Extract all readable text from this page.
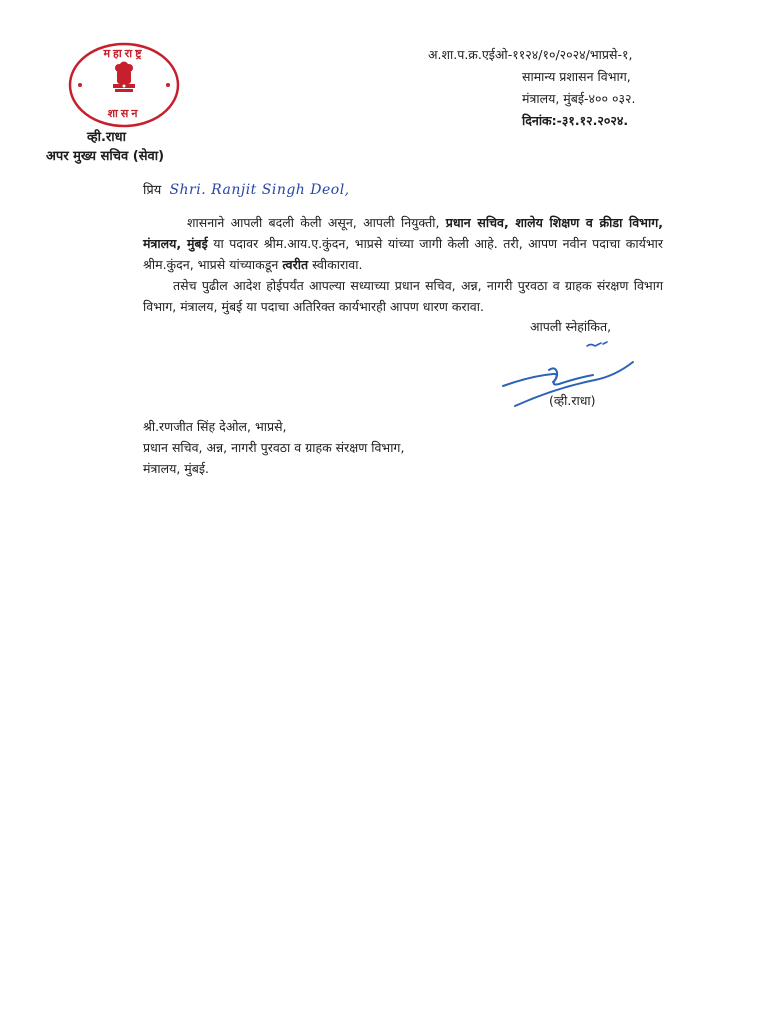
महाराष्ट्र
शासन
व्ही.राधा
अपर मुख्य सचिव (सेवा)
अ.शा.प.क्र.एईओ-११२४/१०/२०२४/भाप्रसे-१,
सामान्य प्रशासन विभाग,
मंत्रालय, मुंबई-४०० ०३२.
दिनांक:-३१.१२.२०२४.
प्रिय Shri. Ranjit Singh Deol,

शासनाने आपली बदली केली असून, आपली नियुक्ती, प्रधान सचिव, शालेय शिक्षण व क्रीडा विभाग, मंत्रालय, मुंबई या पदावर श्रीम.आय.ए.कुंदन, भाप्रसे यांच्या जागी केली आहे. तरी, आपण नवीन पदाचा कार्यभार श्रीम.कुंदन, भाप्रसे यांच्याकडून त्वरीत स्वीकारावा.

तसेच पुढील आदेश होईपर्यंत आपल्या सध्याच्या प्रधान सचिव, अन्न, नागरी पुरवठा व ग्राहक संरक्षण विभाग विभाग, मंत्रालय, मुंबई या पदाचा अतिरिक्त कार्यभारही आपण धारण करावा.

आपली स्नेहांकित,
(व्ही.राधा)
श्री.रणजीत सिंह देओल, भाप्रसे,
प्रधान सचिव, अन्न, नागरी पुरवठा व ग्राहक संरक्षण विभाग,
मंत्रालय, मुंबई.
